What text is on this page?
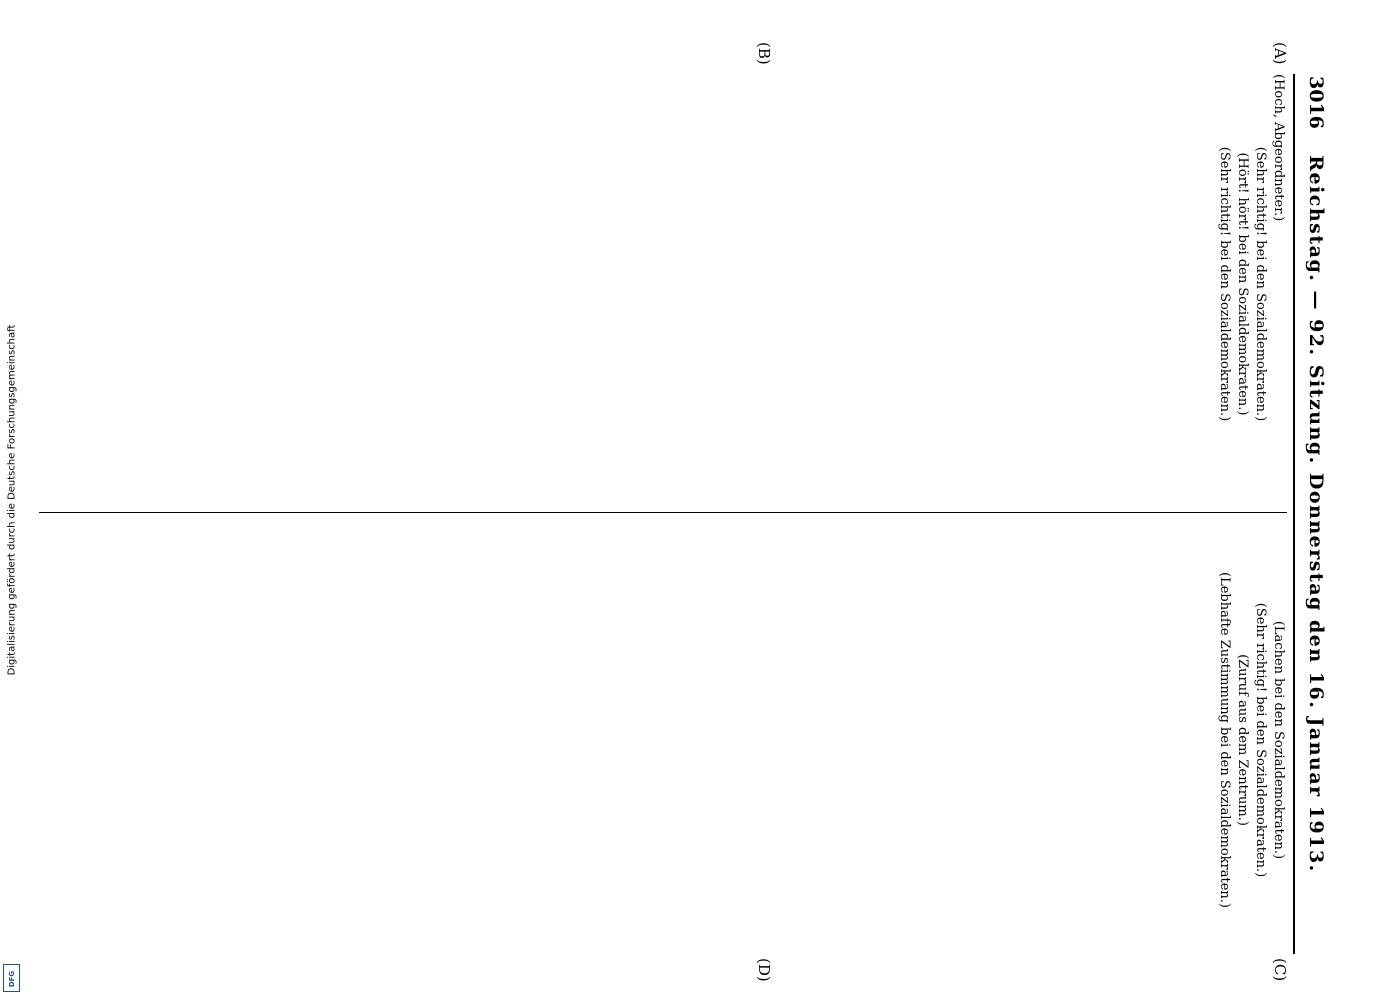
Digitalisierung gefördert durch die Deutsche Forschungsgemeinschaft
DFG
3016
Reichstag. — 92. Sitzung. Donnerstag den 16. Januar 1913.
(A)
(B)
(C)
(D)

(Hoch, Abgeordneter.)

(Sehr richtig! bei den Sozialdemokraten.)

(Hört! hört! bei den Sozialdemokraten.)

(Sehr richtig! bei den Sozialdemokraten.)

(Lachen bei den Sozialdemokraten.)

(Sehr richtig! bei den Sozialdemokraten.)

(Zuruf aus dem Zentrum.)

(Lebhafte Zustimmung bei den Sozialdemokraten.)
